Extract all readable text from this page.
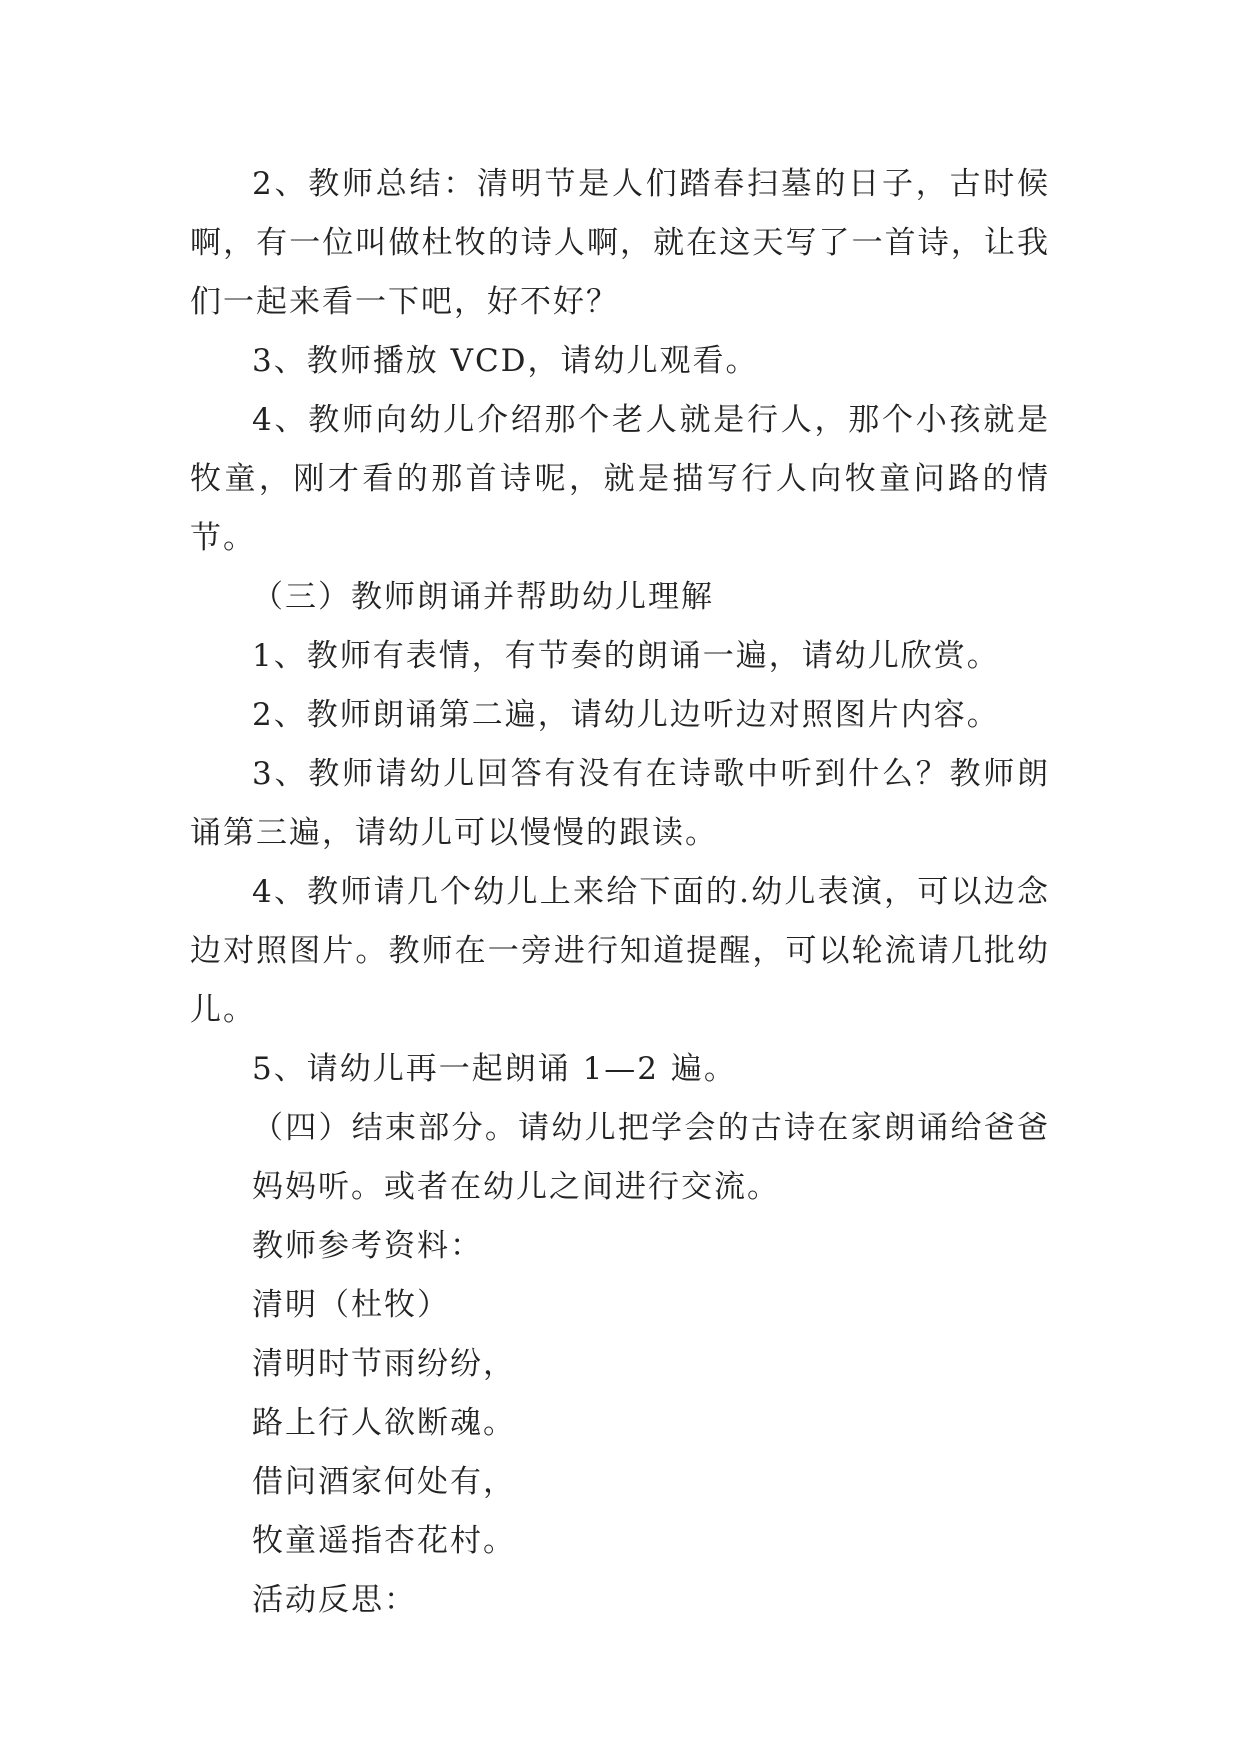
2、教师总结：清明节是人们踏春扫墓的日子，古时候啊，有一位叫做杜牧的诗人啊，就在这天写了一首诗，让我们一起来看一下吧，好不好？

3、教师播放 VCD，请幼儿观看。

4、教师向幼儿介绍那个老人就是行人，那个小孩就是牧童，刚才看的那首诗呢，就是描写行人向牧童问路的情节。

（三）教师朗诵并帮助幼儿理解

1、教师有表情，有节奏的朗诵一遍，请幼儿欣赏。

2、教师朗诵第二遍，请幼儿边听边对照图片内容。

3、教师请幼儿回答有没有在诗歌中听到什么？教师朗诵第三遍，请幼儿可以慢慢的跟读。

4、教师请几个幼儿上来给下面的.幼儿表演，可以边念边对照图片。教师在一旁进行知道提醒，可以轮流请几批幼儿。

5、请幼儿再一起朗诵 1—2 遍。

（四）结束部分。请幼儿把学会的古诗在家朗诵给爸爸妈妈听。或者在幼儿之间进行交流。

教师参考资料：

清明（杜牧）

清明时节雨纷纷，

路上行人欲断魂。

借问酒家何处有，

牧童遥指杏花村。

活动反思：
